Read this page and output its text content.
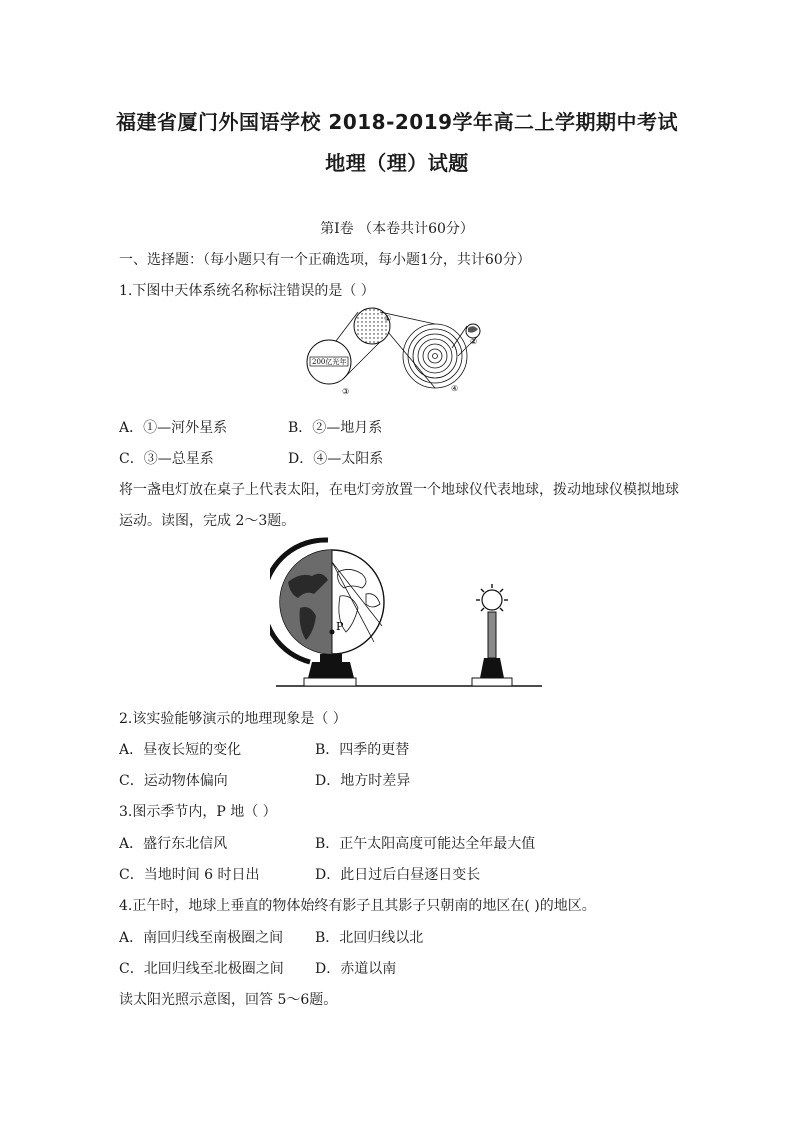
福建省厦门外国语学校 2018-2019学年高二上学期期中考试
地理（理）试题
第Ⅰ卷 （本卷共计60分）
一、选择题：（每小题只有一个正确选项，每小题1分，共计60分）
1.下图中天体系统名称标注错误的是（ ）
200亿光年
①
②
③	④
A．①—河外星系	B．②—地月系
C．③—总星系	D．④—太阳系
将一盏电灯放在桌子上代表太阳，在电灯旁放置一个地球仪代表地球，拨动地球仪模拟地球
运动。读图，完成 2～3题。
P
2.该实验能够演示的地理现象是（ ）
A．昼夜长短的变化	B．四季的更替
C．运动物体偏向	D．地方时差异
3.图示季节内，P 地（ ）
A．盛行东北信风	B．正午太阳高度可能达全年最大值
C．当地时间 6 时日出	D．此日过后白昼逐日变长
4.正午时，地球上垂直的物体始终有影子且其影子只朝南的地区在( )的地区。
A．南回归线至南极圈之间 B．北回归线以北
C．北回归线至北极圈之间 D．赤道以南
读太阳光照示意图，回答 5～6题。
